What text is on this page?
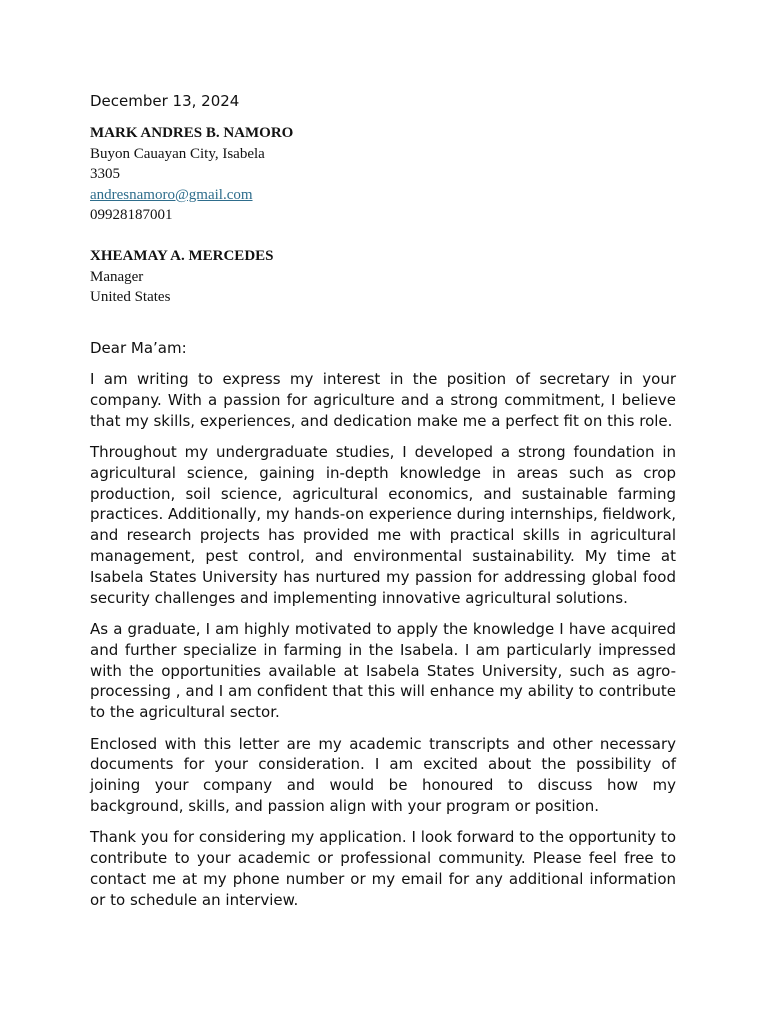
December 13, 2024
MARK ANDRES B. NAMORO
Buyon Cauayan City, Isabela
3305
andresnamoro@gmail.com
09928187001
XHEAMAY A. MERCEDES
Manager
United States
Dear Ma’am:

I am writing to express my interest in the position of secretary in your company. With a passion for agriculture and a strong commitment, I believe that my skills, experiences, and dedication make me a perfect fit on this role.

Throughout my undergraduate studies, I developed a strong foundation in agricultural science, gaining in-depth knowledge in areas such as crop production, soil science, agricultural economics, and sustainable farming practices. Additionally, my hands-on experience during internships, fieldwork, and research projects has provided me with practical skills in agricultural management, pest control, and environmental sustainability. My time at Isabela States University has nurtured my passion for addressing global food security challenges and implementing innovative agricultural solutions.

As a graduate, I am highly motivated to apply the knowledge I have acquired and further specialize in farming in the Isabela. I am particularly impressed with the opportunities available at Isabela States University, such as agro-processing , and I am confident that this will enhance my ability to contribute to the agricultural sector.

Enclosed with this letter are my academic transcripts and other necessary documents for your consideration. I am excited about the possibility of joining your company and would be honoured to discuss how my background, skills, and passion align with your program or position.

Thank you for considering my application. I look forward to the opportunity to contribute to your academic or professional community. Please feel free to contact me at my phone number or my email for any additional information or to schedule an interview.
